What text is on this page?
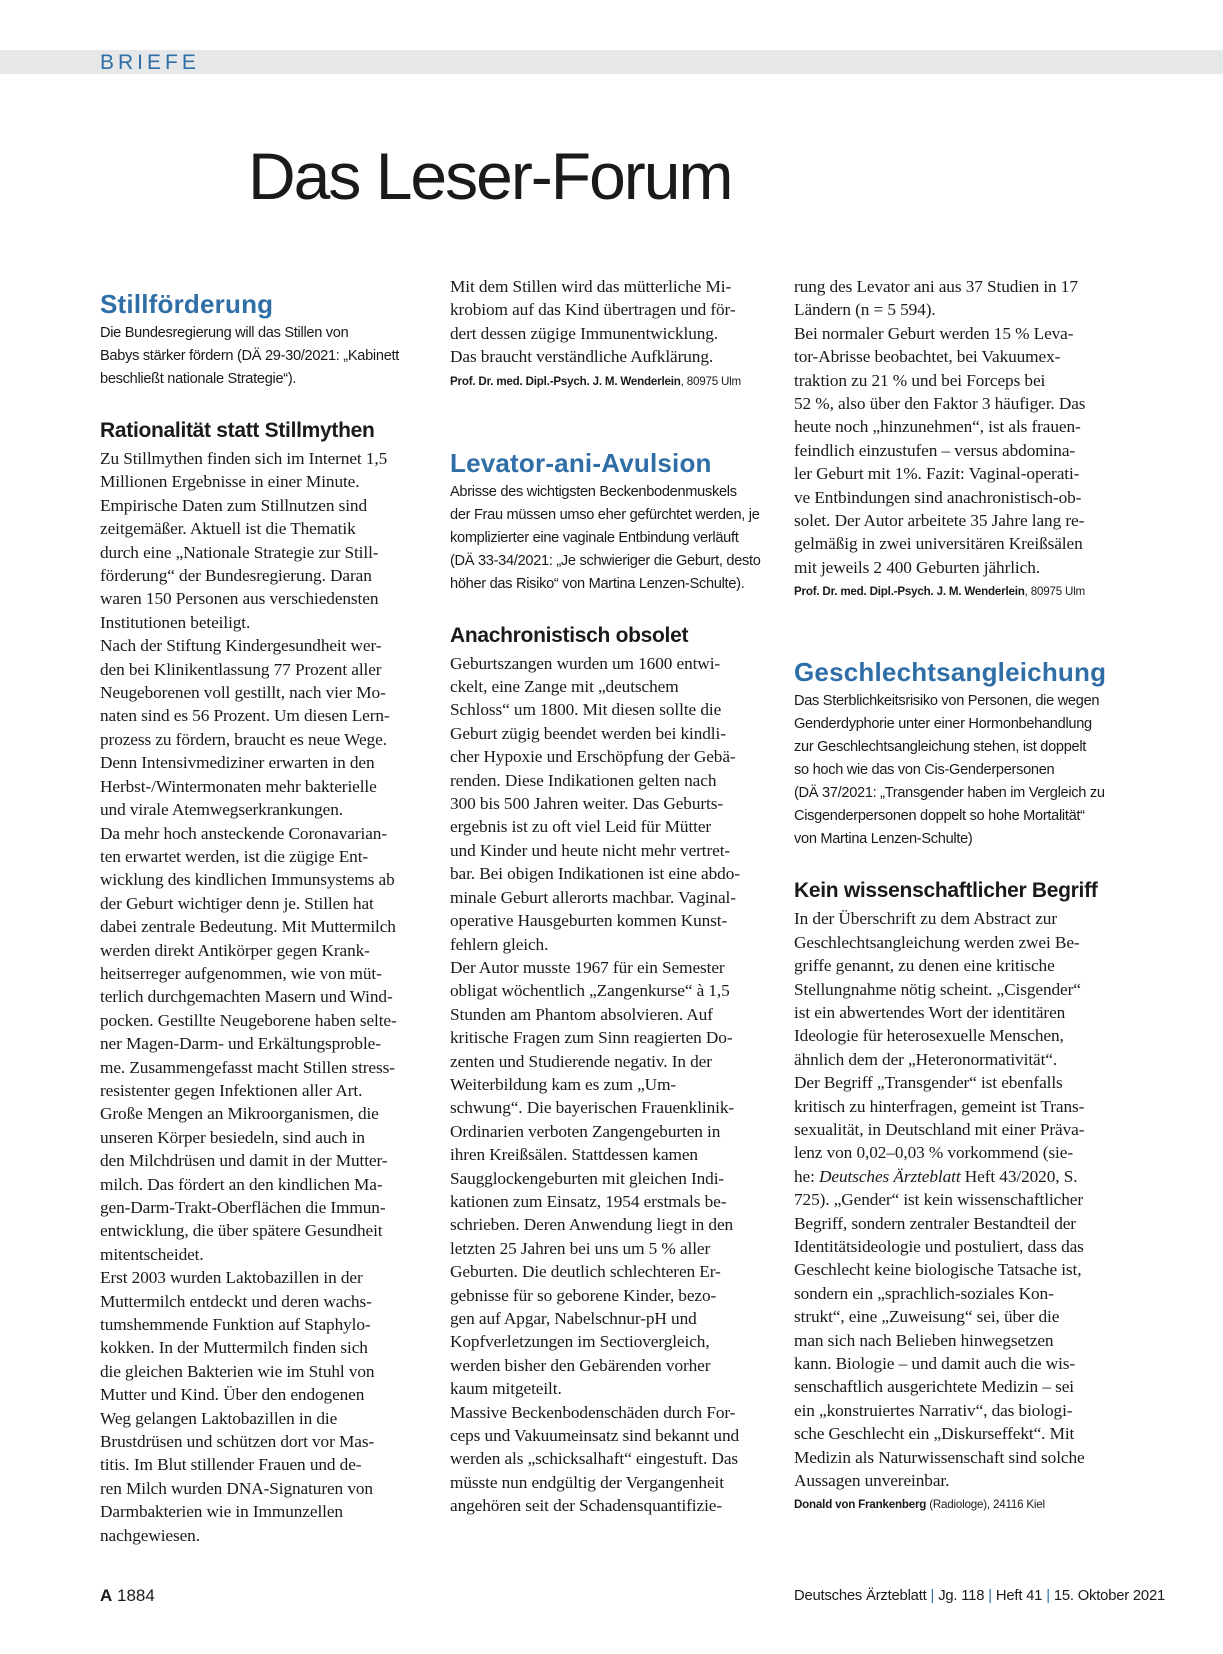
BRIEFE
Das Leser-Forum
Stillförderung

Die Bundesregierung will das Stillen von
Babys stärker fördern (DÄ 29-30/2021: „Kabinett
beschließt nationale Strategie“).

Rationalität statt Stillmythen

Zu Stillmythen finden sich im Internet 1,5
Millionen Ergebnisse in einer Minute.
Empirische Daten zum Stillnutzen sind
zeitgemäßer. Aktuell ist die Thematik
durch eine „Nationale Strategie zur Still-
förderung“ der Bundesregierung. Daran
waren 150 Personen aus verschiedensten
Institutionen beteiligt.
Nach der Stiftung Kindergesundheit wer-
den bei Klinikentlassung 77 Prozent aller
Neugeborenen voll gestillt, nach vier Mo-
naten sind es 56 Prozent. Um diesen Lern-
prozess zu fördern, braucht es neue Wege.
Denn Intensivmediziner erwarten in den
Herbst-/Wintermonaten mehr bakterielle
und virale Atemwegserkrankungen.
Da mehr hoch ansteckende Coronavarian-
ten erwartet werden, ist die zügige Ent-
wicklung des kindlichen Immunsystems ab
der Geburt wichtiger denn je. Stillen hat
dabei zentrale Bedeutung. Mit Muttermilch
werden direkt Antikörper gegen Krank-
heitserreger aufgenommen, wie von müt-
terlich durchgemachten Masern und Wind-
pocken. Gestillte Neugeborene haben selte-
ner Magen-Darm- und Erkältungsproble-
me. Zusammengefasst macht Stillen stress-
resistenter gegen Infektionen aller Art.
Große Mengen an Mikroorganismen, die
unseren Körper besiedeln, sind auch in
den Milchdrüsen und damit in der Mutter-
milch. Das fördert an den kindlichen Ma-
gen-Darm-Trakt-Oberflächen die Immun-
entwicklung, die über spätere Gesundheit
mitentscheidet.
Erst 2003 wurden Laktobazillen in der
Muttermilch entdeckt und deren wachs-
tumshemmende Funktion auf Staphylo-
kokken. In der Muttermilch finden sich
die gleichen Bakterien wie im Stuhl von
Mutter und Kind. Über den endogenen
Weg gelangen Laktobazillen in die
Brustdrüsen und schützen dort vor Mas-
titis. Im Blut stillender Frauen und de-
ren Milch wurden DNA-Signaturen von
Darmbakterien wie in Immunzellen
nachgewiesen.

Mit dem Stillen wird das mütterliche Mi-
krobiom auf das Kind übertragen und för-
dert dessen zügige Immunentwicklung.
Das braucht verständliche Aufklärung.

Prof. Dr. med. Dipl.-Psych. J. M. Wenderlein, 80975 Ulm

Levator-ani-Avulsion

Abrisse des wichtigsten Beckenbodenmuskels
der Frau müssen umso eher gefürchtet werden, je
komplizierter eine vaginale Entbindung verläuft
(DÄ 33-34/2021: „Je schwieriger die Geburt, desto
höher das Risiko“ von Martina Lenzen-Schulte).

Anachronistisch obsolet

Geburtszangen wurden um 1600 entwi-
ckelt, eine Zange mit „deutschem
Schloss“ um 1800. Mit diesen sollte die
Geburt zügig beendet werden bei kindli-
cher Hypoxie und Erschöpfung der Gebä-
renden. Diese Indikationen gelten nach
300 bis 500 Jahren weiter. Das Geburts-
ergebnis ist zu oft viel Leid für Mütter
und Kinder und heute nicht mehr vertret-
bar. Bei obigen Indikationen ist eine abdo-
minale Geburt allerorts machbar. Vaginal-
operative Hausgeburten kommen Kunst-
fehlern gleich.
Der Autor musste 1967 für ein Semester
obligat wöchentlich „Zangenkurse“ à 1,5
Stunden am Phantom absolvieren. Auf
kritische Fragen zum Sinn reagierten Do-
zenten und Studierende negativ. In der
Weiterbildung kam es zum „Um-
schwung“. Die bayerischen Frauenklinik-
Ordinarien verboten Zangengeburten in
ihren Kreißsälen. Stattdessen kamen
Saugglockengeburten mit gleichen Indi-
kationen zum Einsatz, 1954 erstmals be-
schrieben. Deren Anwendung liegt in den
letzten 25 Jahren bei uns um 5 % aller
Geburten. Die deutlich schlechteren Er-
gebnisse für so geborene Kinder, bezo-
gen auf Apgar, Nabelschnur-pH und
Kopfverletzungen im Sectiovergleich,
werden bisher den Gebärenden vorher
kaum mitgeteilt.
Massive Beckenbodenschäden durch For-
ceps und Vakuumeinsatz sind bekannt und
werden als „schicksalhaft“ eingestuft. Das
müsste nun endgültig der Vergangenheit
angehören seit der Schadensquantifizie-

rung des Levator ani aus 37 Studien in 17
Ländern (n = 5 594).
Bei normaler Geburt werden 15 % Leva-
tor-Abrisse beobachtet, bei Vakuumex-
traktion zu 21 % und bei Forceps bei
52 %, also über den Faktor 3 häufiger. Das
heute noch „hinzunehmen“, ist als frauen-
feindlich einzustufen – versus abdomina-
ler Geburt mit 1%. Fazit: Vaginal-operati-
ve Entbindungen sind anachronistisch-ob-
solet. Der Autor arbeitete 35 Jahre lang re-
gelmäßig in zwei universitären Kreißsälen
mit jeweils 2 400 Geburten jährlich.

Prof. Dr. med. Dipl.-Psych. J. M. Wenderlein, 80975 Ulm

Geschlechtsangleichung

Das Sterblichkeitsrisiko von Personen, die wegen
Genderdyphorie unter einer Hormonbehandlung
zur Geschlechtsangleichung stehen, ist doppelt
so hoch wie das von Cis-Genderpersonen
(DÄ 37/2021: „Transgender haben im Vergleich zu
Cisgenderpersonen doppelt so hohe Mortalität“
von Martina Lenzen-Schulte)

Kein wissenschaftlicher Begriff
In der Überschrift zu dem Abstract zur
Geschlechtsangleichung werden zwei Be-
griffe genannt, zu denen eine kritische
Stellungnahme nötig scheint. „Cisgender“
ist ein abwertendes Wort der identitären
Ideologie für heterosexuelle Menschen,
ähnlich dem der „Heteronormativität“.
Der Begriff „Transgender“ ist ebenfalls
kritisch zu hinterfragen, gemeint ist Trans-
sexualität, in Deutschland mit einer Präva-
lenz von 0,02–0,03 % vorkommend (sie-
he: Deutsches Ärzteblatt Heft 43/2020, S.
725). „Gender“ ist kein wissenschaftlicher
Begriff, sondern zentraler Bestandteil der
Identitätsideologie und postuliert, dass das
Geschlecht keine biologische Tatsache ist,
sondern ein „sprachlich-soziales Kon-
strukt“, eine „Zuweisung“ sei, über die
man sich nach Belieben hinwegsetzen
kann. Biologie – und damit auch die wis-
senschaftlich ausgerichtete Medizin – sei
ein „konstruiertes Narrativ“, das biologi-
sche Geschlecht ein „Diskurseffekt“. Mit
Medizin als Naturwissenschaft sind solche
Aussagen unvereinbar.

Donald von Frankenberg (Radiologe), 24116 Kiel

A 1884	Deutsches Ärzteblatt | Jg. 118 | Heft 41 | 15. Oktober 2021
